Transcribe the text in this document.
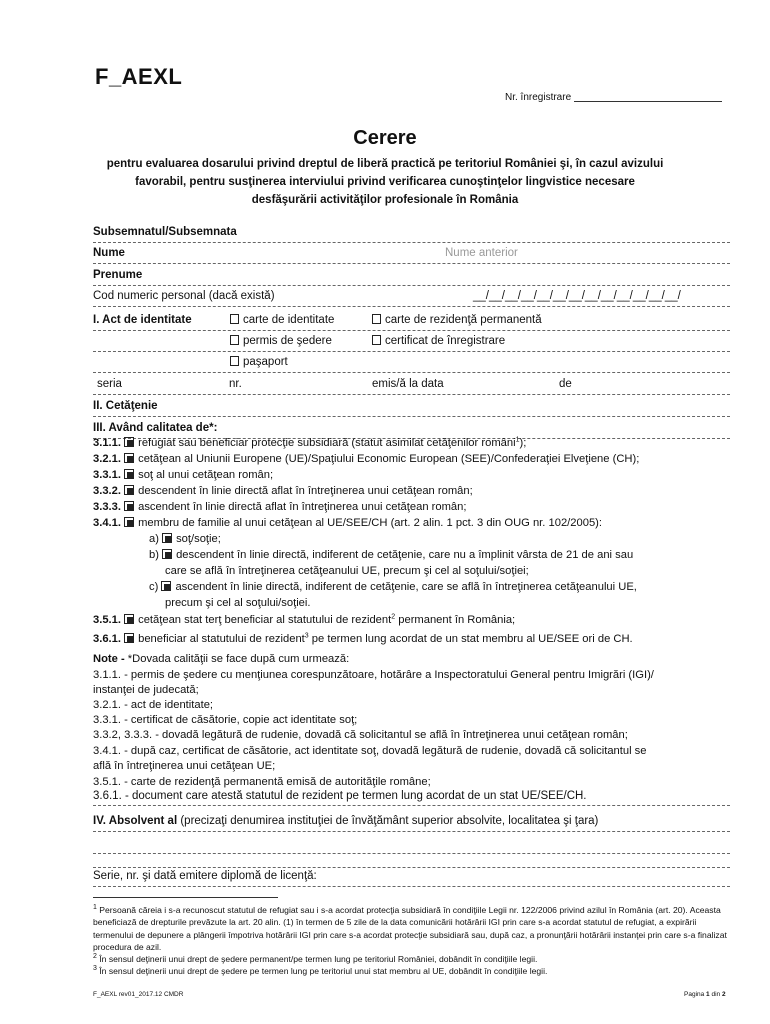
F_AEXL
Nr. înregistrare
Cerere
pentru evaluarea dosarului privind dreptul de liberă practică pe teritoriul României şi, în cazul avizului
favorabil, pentru susţinerea interviului privind verificarea cunoştinţelor lingvistice necesare
desfăşurării activităţilor profesionale în România
Subsemnatul/Subsemnata
Nume	Nume anterior
Prenume
Cod numeric personal (dacă există)	__/__/__/__/__/__/__/__/__/__/__/__/__/
I. Act de identitate	carte de identitate	carte de rezidenţă permanentă
permis de şedere	certificat de înregistrare
paşaport
seria	nr.	emis/ă la data	de
II. Cetăţenie
III. Având calitatea de*:
3.1.1. refugiat sau beneficiar protecţie subsidiară (statut asimilat cetăţenilor români$^1$);
3.2.1. cetăţean al Uniunii Europene (UE)/Spaţiului Economic European (SEE)/Confederaţiei Elveţiene (CH);
3.3.1. soţ al unui cetăţean român;
3.3.2. descendent în linie directă aflat în întreţinerea unui cetăţean român;
3.3.3. ascendent în linie directă aflat în întreţinerea unui cetăţean român;
3.4.1. membru de familie al unui cetăţean al UE/SEE/CH (art. 2 alin. 1 pct. 3 din OUG nr. 102/2005):
a) soţ/soţie;
b) descendent în linie directă, indiferent de cetăţenie, care nu a împlinit vârsta de 21 de ani sau
care se află în întreţinerea cetăţeanului UE, precum şi cel al soţului/soţiei;
c) ascendent în linie directă, indiferent de cetăţenie, care se află în întreţinerea cetăţeanului UE,
precum şi cel al soţului/soţiei.
3.5.1. cetăţean stat terţ beneficiar al statutului de rezident$^2$ permanent în România;
3.6.1. beneficiar al statutului de rezident$^3$ pe termen lung acordat de un stat membru al UE/SEE ori de CH.
Note - *Dovada calităţii se face după cum urmează:
3.1.1. - permis de şedere cu menţiunea corespunzătoare, hotărâre a Inspectoratului General pentru Imigrări (IGI)/
instanţei de judecată;
3.2.1. - act de identitate;
3.3.1. - certificat de căsătorie, copie act identitate soţ;
3.3.2, 3.3.3. - dovadă legătură de rudenie, dovadă că solicitantul se află în întreţinerea unui cetăţean român;
3.4.1. - după caz, certificat de căsătorie, act identitate soţ, dovadă legătură de rudenie, dovadă că solicitantul se
află în întreţinerea unui cetăţean UE;
3.5.1. - carte de rezidenţă permanentă emisă de autorităţile române;
3.6.1. - document care atestă statutul de rezident pe termen lung acordat de un stat UE/SEE/CH.
IV. Absolvent al (precizaţi denumirea instituţiei de învăţământ superior absolvite, localitatea şi ţara)
Serie, nr. şi dată emitere diplomă de licenţă:
$^1$ Persoană căreia i s-a recunoscut statutul de refugiat sau i s-a acordat protecţia subsidiară în condiţiile Legii nr. 122/2006 privind azilul în România (art. 20). Aceasta beneficiază de drepturile prevăzute la art. 20 alin. (1) în termen de 5 zile de la data comunicării hotărârii IGI prin care s-a acordat statutul de refugiat, a expirării termenului de depunere a plângerii împotriva hotărârii IGI prin care s-a acordat protecţie subsidiară sau, după caz, a pronunţării hotărârii instanţei prin care s-a finalizat procedura de azil.
$^2$ În sensul deţinerii unui drept de şedere permanent/pe termen lung pe teritoriul României, dobândit în condiţiile legii.
$^3$ În sensul deţinerii unui drept de şedere pe termen lung pe teritoriul unui stat membru al UE, dobândit în condiţiile legii.
F_AEXL rev01_2017.12 CMDR	Pagina 1 din 2
